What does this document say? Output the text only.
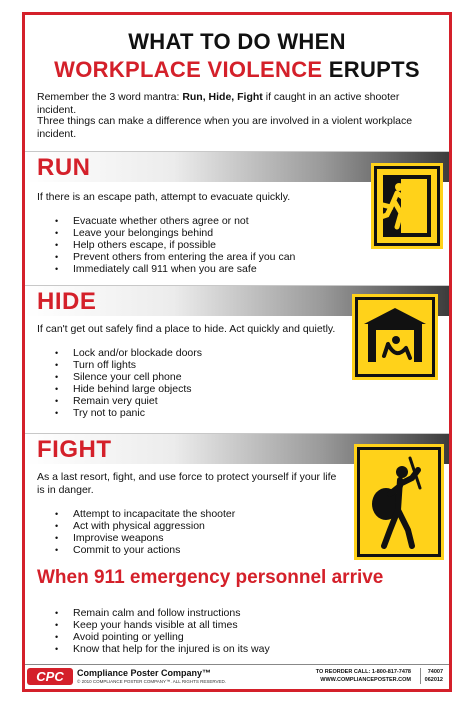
WHAT TO DO WHEN
WORKPLACE VIOLENCE ERUPTS
Remember the 3 word mantra: Run, Hide, Fight if caught in an active shooter incident.
Three things can make a difference when you are involved in a violent workplace incident.
RUN
If there is an escape path, attempt to evacuate quickly.
• Evacuate whether others agree or not
• Leave your belongings behind
• Help others escape, if possible
• Prevent others from entering the area if you can
• Immediately call 911 when you are safe
HIDE
If can't get out safely find a place to hide. Act quickly and quietly.
• Lock and/or blockade doors
• Turn off lights
• Silence your cell phone
• Hide behind large objects
• Remain very quiet
• Try not to panic
FIGHT
As a last resort, fight, and use force to protect yourself if your life is in danger.
• Attempt to incapacitate the shooter
• Act with physical aggression
• Improvise weapons
• Commit to your actions
When 911 emergency personnel arrive
• Remain calm and follow instructions
• Keep your hands visible at all times
• Avoid pointing or yelling
• Know that help for the injured is on its way
CPC	Compliance Poster Company™
© 2010 COMPLIANCE POSTER COMPANY™. ALL RIGHTS RESERVED.
TO REORDER CALL: 1-800-817-7478
WWW.COMPLIANCEPOSTER.COM
74007
062012
